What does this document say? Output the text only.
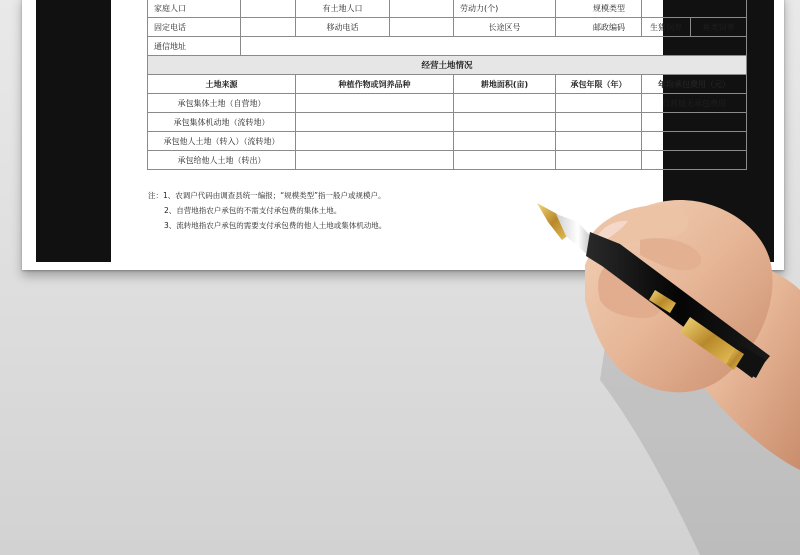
家庭人口		有土地人口		劳动力(个)	规模类型		
固定电话		移动电话		长途区号	邮政编码	生猪饲养	鱼类饲养
通信地址							
经营土地情况							
土地来源		种植作物或饲养品种		耕地面积(亩)	承包年限（年）	年均承包费用（元）	
承包集体土地（自营地）						自营地无承包费用	
承包集体机动地（流转地）							
承包他人土地（转入）（流转地）							
承包给他人土地（转出）							
注：1、农调户代码由调查县统一编报；“规模类型”指一般户或规模户。
2、自营地指农户承包的不需支付承包费的集体土地。
3、流转地指农户承包的需要支付承包费的他人土地或集体机动地。
